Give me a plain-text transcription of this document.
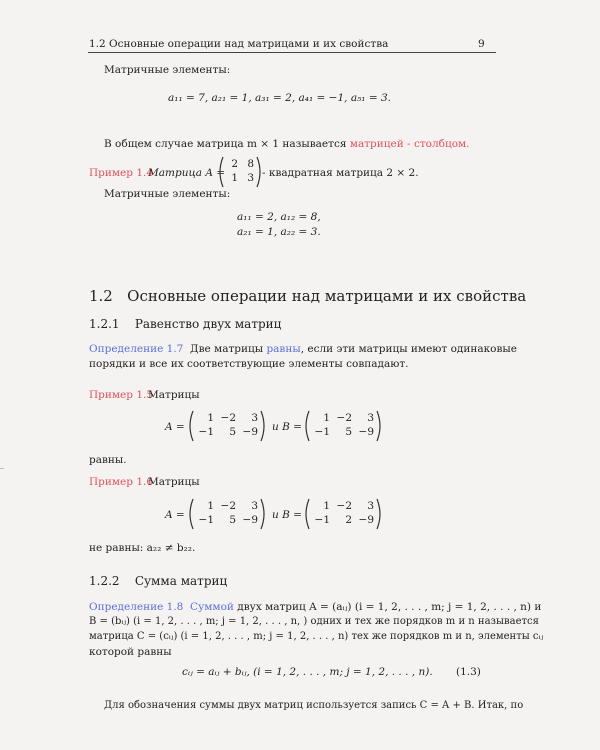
1.2 Основные операции над матрицами и их свойства	9
Матричные элементы:
a₁₁ = 7, a₂₁ = 1, a₃₁ = 2, a₄₁ = −1, a₅₁ = 3.
В общем случае матрица m × 1 называется матрицей - столбцом.
Пример 1.4
Матрица A =
2 8
1 3 - квадратная матрица 2 × 2.
Матричные элементы:
a₁₁ = 2, a₁₂ = 8,
a₂₁ = 1, a₂₂ = 3.
1.2 Основные операции над матрицами и их свойства
1.2.1 Равенство двух матриц
Определение 1.7 Две матрицы равны, если эти матрицы имеют одинаковые
порядки и все их соответствующие элементы совпадают.
Пример 1.5
Матрицы
A =
1 −2	3
−1	5 −9 и B =
1 −2	3
−1	5 −9
равны.
Пример 1.6
Матрицы
A =
1 −2	3
−1	5 −9 и B =
1 −2	3
−1	2 −9
не равны: a₂₂ ≠ b₂₂.
1.2.2 Сумма матриц
Определение 1.8 Суммой двух матриц A = (aᵢⱼ) (i = 1, 2, . . . , m; j = 1, 2, . . . , n) и
B = (bᵢⱼ) (i = 1, 2, . . . , m; j = 1, 2, . . . , n, ) одних и тех же порядков m и n называется
матрица C = (cᵢⱼ) (i = 1, 2, . . . , m; j = 1, 2, . . . , n) тех же порядков m и n, элементы cᵢⱼ
которой равны
cᵢⱼ = aᵢⱼ + bᵢⱼ, (i = 1, 2, . . . , m; j = 1, 2, . . . , n). (1.3)
Для обозначения суммы двух матриц используется запись C = A + B. Итак, по
